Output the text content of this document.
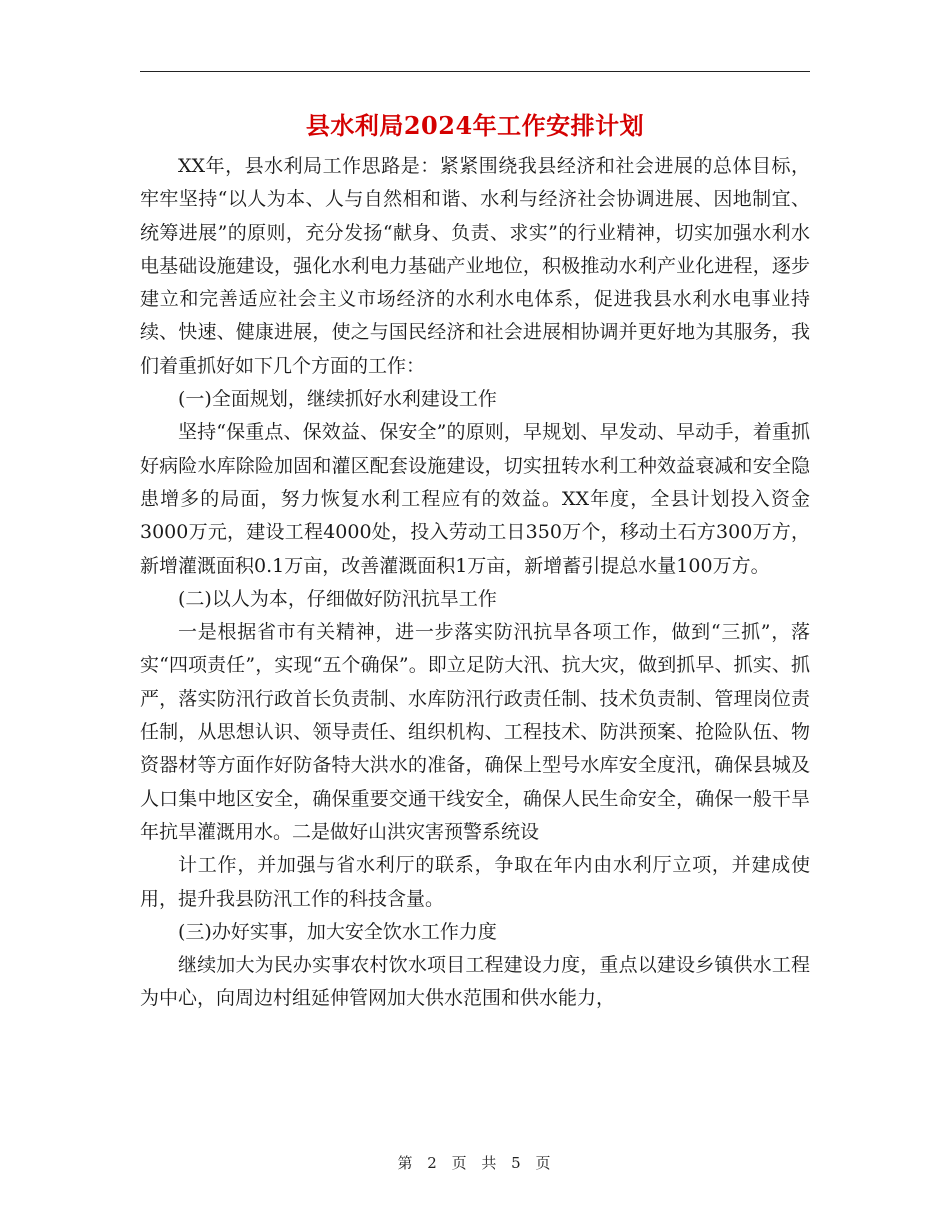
县水利局2024年工作安排计划

XX年，县水利局工作思路是：紧紧围绕我县经济和社会进展的总体目标，牢牢坚持“以人为本、人与自然相和谐、水利与经济社会协调进展、因地制宜、统筹进展”的原则，充分发扬“献身、负责、求实”的行业精神，切实加强水利水电基础设施建设，强化水利电力基础产业地位，积极推动水利产业化进程，逐步建立和完善适应社会主义市场经济的水利水电体系，促进我县水利水电事业持续、快速、健康进展，使之与国民经济和社会进展相协调并更好地为其服务，我们着重抓好如下几个方面的工作：

(一)全面规划，继续抓好水利建设工作

坚持“保重点、保效益、保安全”的原则，早规划、早发动、早动手，着重抓好病险水库除险加固和灌区配套设施建设，切实扭转水利工种效益衰减和安全隐患增多的局面，努力恢复水利工程应有的效益。XX年度，全县计划投入资金3000万元，建设工程4000处，投入劳动工日350万个，移动土石方300万方，新增灌溉面积0.1万亩，改善灌溉面积1万亩，新增蓄引提总水量100万方。

(二)以人为本，仔细做好防汛抗旱工作

一是根据省市有关精神，进一步落实防汛抗旱各项工作，做到“三抓”，落实“四项责任”，实现“五个确保”。即立足防大汛、抗大灾，做到抓早、抓实、抓严，落实防汛行政首长负责制、水库防汛行政责任制、技术负责制、管理岗位责任制，从思想认识、领导责任、组织机构、工程技术、防洪预案、抢险队伍、物资器材等方面作好防备特大洪水的准备，确保上型号水库安全度汛，确保县城及人口集中地区安全，确保重要交通干线安全，确保人民生命安全，确保一般干旱年抗旱灌溉用水。二是做好山洪灾害预警系统设

计工作，并加强与省水利厅的联系，争取在年内由水利厅立项，并建成使用，提升我县防汛工作的科技含量。

(三)办好实事，加大安全饮水工作力度

继续加大为民办实事农村饮水项目工程建设力度，重点以建设乡镇供水工程为中心，向周边村组延伸管网加大供水范围和供水能力，

第 2 页 共 5 页
